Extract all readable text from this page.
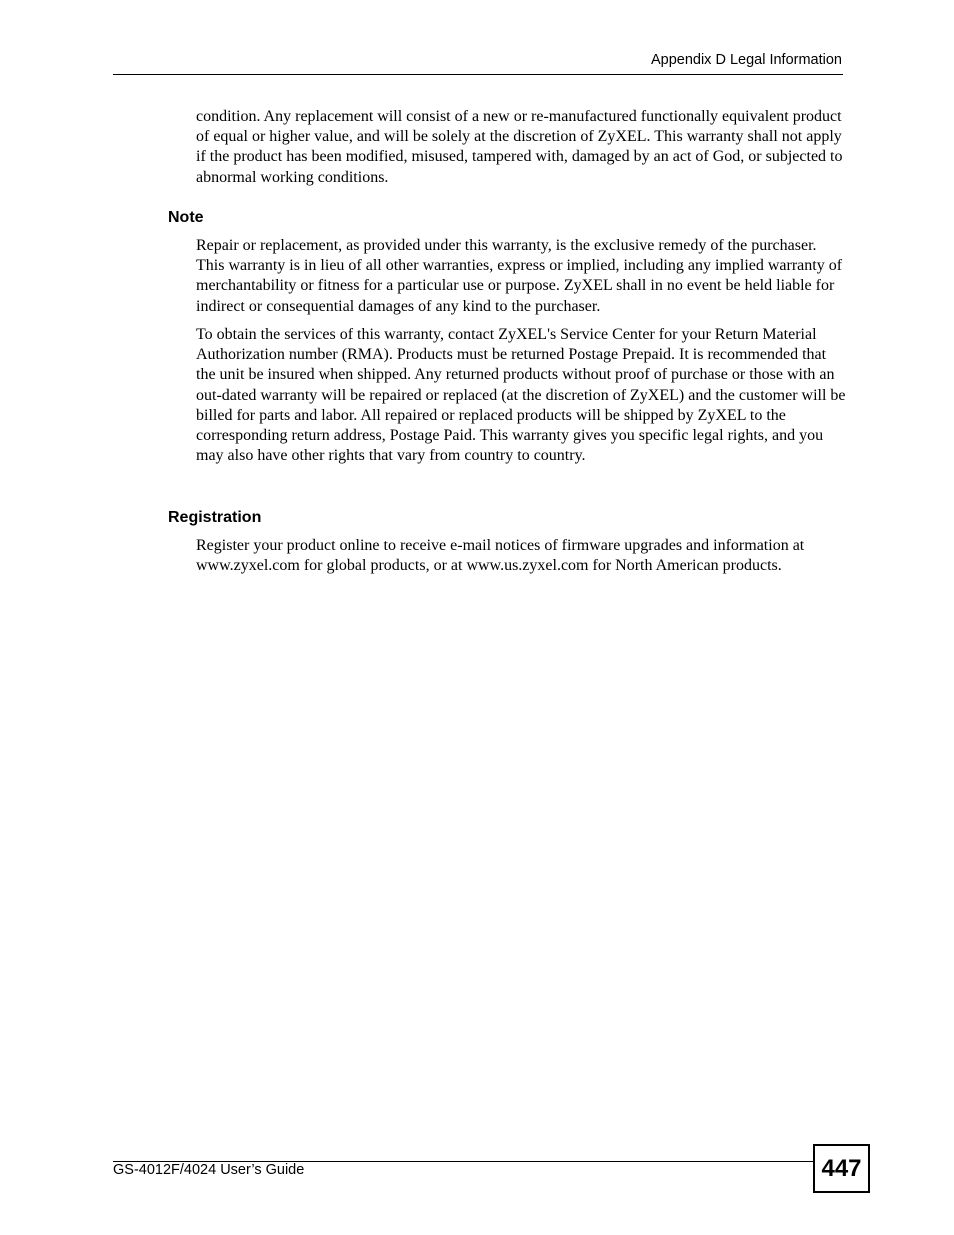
Appendix D Legal Information

condition. Any replacement will consist of a new or re-manufactured functionally equivalent product of equal or higher value, and will be solely at the discretion of ZyXEL. This warranty shall not apply if the product has been modified, misused, tampered with, damaged by an act of God, or subjected to abnormal working conditions.

Note

Repair or replacement, as provided under this warranty, is the exclusive remedy of the purchaser. This warranty is in lieu of all other warranties, express or implied, including any implied warranty of merchantability or fitness for a particular use or purpose. ZyXEL shall in no event be held liable for indirect or consequential damages of any kind to the purchaser.

To obtain the services of this warranty, contact ZyXEL's Service Center for your Return Material Authorization number (RMA). Products must be returned Postage Prepaid. It is recommended that the unit be insured when shipped. Any returned products without proof of purchase or those with an out-dated warranty will be repaired or replaced (at the discretion of ZyXEL) and the customer will be billed for parts and labor. All repaired or replaced products will be shipped by ZyXEL to the corresponding return address, Postage Paid. This warranty gives you specific legal rights, and you may also have other rights that vary from country to country.

Registration

Register your product online to receive e-mail notices of firmware upgrades and information at www.zyxel.com for global products, or at www.us.zyxel.com for North American products.

GS-4012F/4024 User’s Guide	447
